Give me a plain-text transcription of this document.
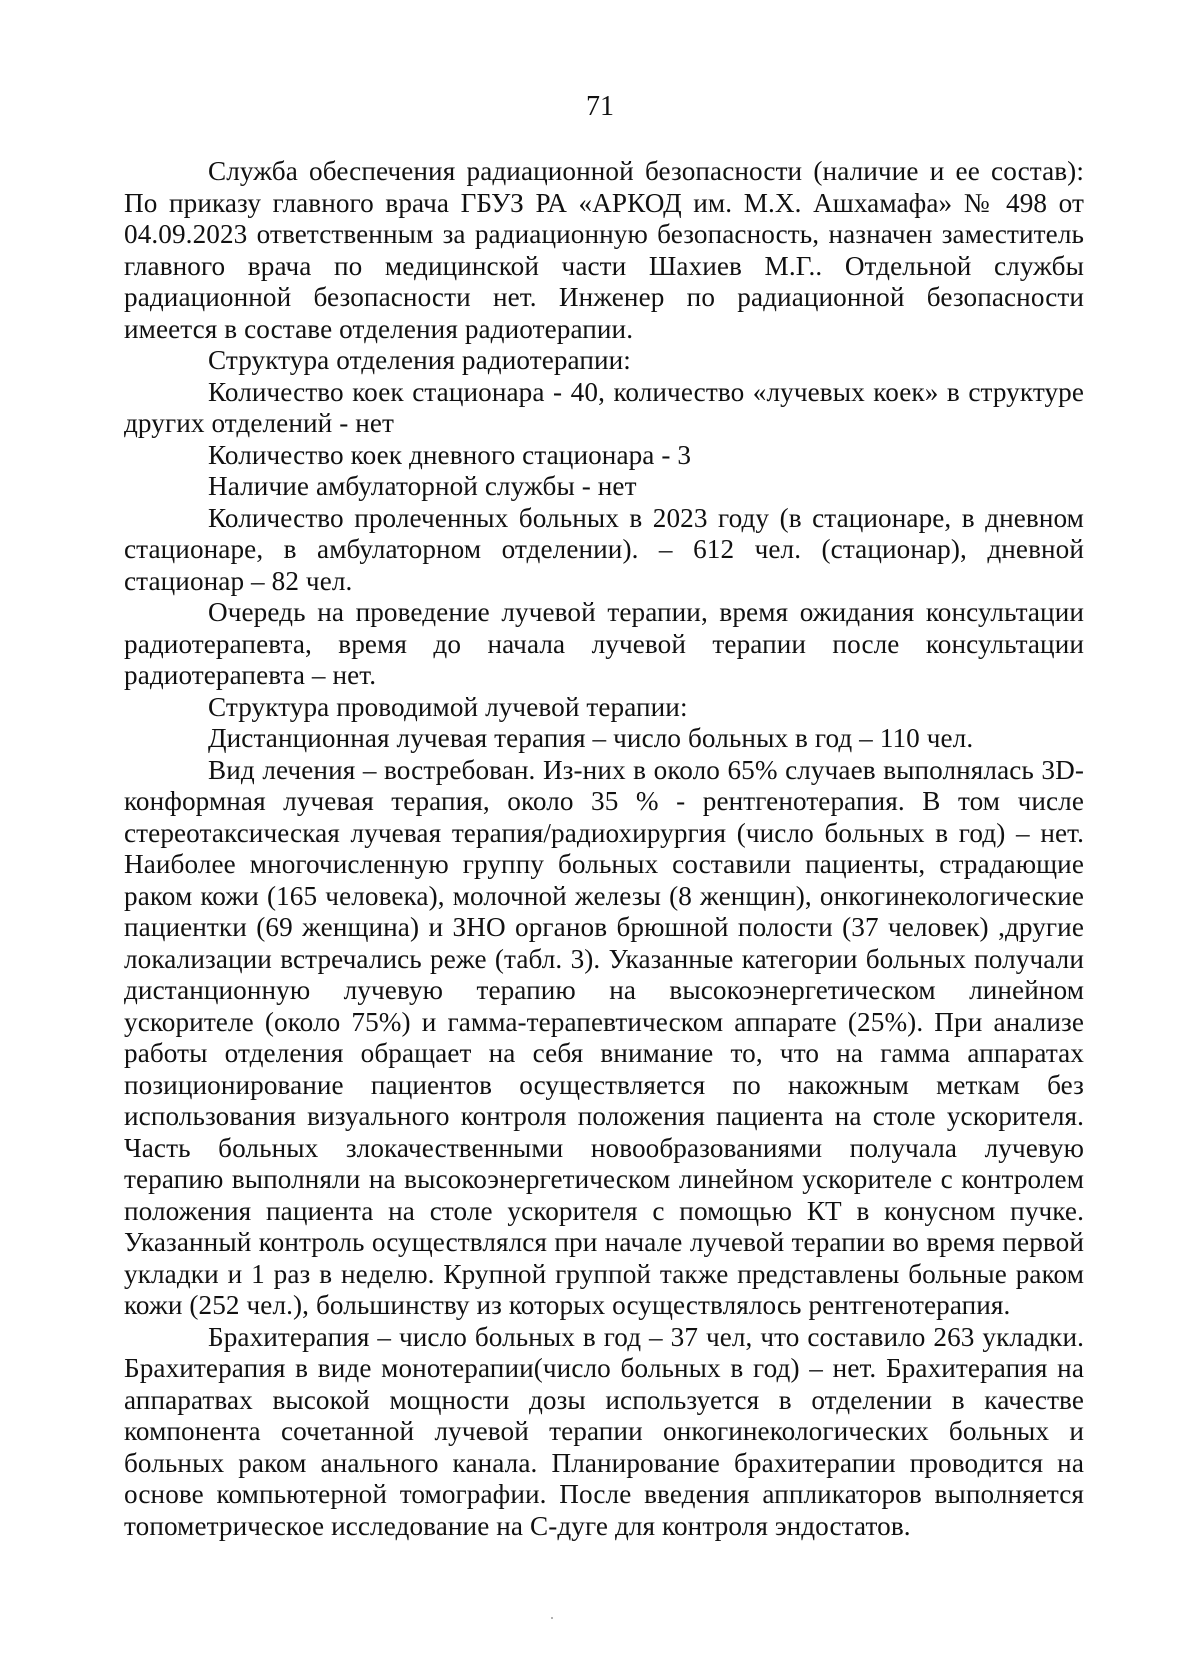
71

Служба обеспечения радиационной безопасности (наличие и ее состав): По приказу главного врача ГБУЗ РА «АРКОД им. М.Х. Ашхамафа» № 498 от 04.09.2023 ответственным за радиационную безопасность, назначен заместитель главного врача по медицинской части Шахиев М.Г.. Отдельной службы радиационной безопасности нет. Инженер по радиационной безопасности имеется в составе отделения радиотерапии.

Структура отделения радиотерапии:

Количество коек стационара - 40, количество «лучевых коек» в структуре других отделений - нет

Количество коек дневного стационара - 3

Наличие амбулаторной службы - нет

Количество пролеченных больных в 2023 году (в стационаре, в дневном стационаре, в амбулаторном отделении). – 612 чел. (стационар), дневной стационар – 82 чел.

Очередь на проведение лучевой терапии, время ожидания консультации радиотерапевта, время до начала лучевой терапии после консультации радиотерапевта – нет.

Структура проводимой лучевой терапии:

Дистанционная лучевая терапия – число больных в год – 110 чел.

Вид лечения – востребован. Из-них в около 65% случаев выполнялась 3D-конформная лучевая терапия, около 35 % - рентгенотерапия. В том числе стереотаксическая лучевая терапия/радиохирургия (число больных в год) – нет. Наиболее многочисленную группу больных составили пациенты, страдающие раком кожи (165 человека), молочной железы (8 женщин), онкогинекологические пациентки (69 женщина) и ЗНО органов брюшной полости (37 человек) ,другие локализации встречались реже (табл. 3). Указанные категории больных получали дистанционную лучевую терапию на высокоэнергетическом линейном ускорителе (около 75%) и гамма-терапевтическом аппарате (25%). При анализе работы отделения обращает на себя внимание то, что на гамма аппаратах позиционирование пациентов осуществляется по накожным меткам без использования визуального контроля положения пациента на столе ускорителя. Часть больных злокачественными новообразованиями получала лучевую терапию выполняли на высокоэнергетическом линейном ускорителе с контролем положения пациента на столе ускорителя с помощью КТ в конусном пучке. Указанный контроль осуществлялся при начале лучевой терапии во время первой укладки и 1 раз в неделю. Крупной группой также представлены больные раком кожи (252 чел.), большинству из которых осуществлялось рентгенотерапия.

Брахитерапия – число больных в год – 37 чел, что составило 263 укладки. Брахитерапия в виде монотерапии(число больных в год) – нет. Брахитерапия на аппаратвах высокой мощности дозы используется в отделении в качестве компонента сочетанной лучевой терапии онкогинекологических больных и больных раком анального канала. Планирование брахитерапии проводится на основе компьютерной томографии. После введения аппликаторов выполняется топометрическое исследование на С-дуге для контроля эндостатов.
